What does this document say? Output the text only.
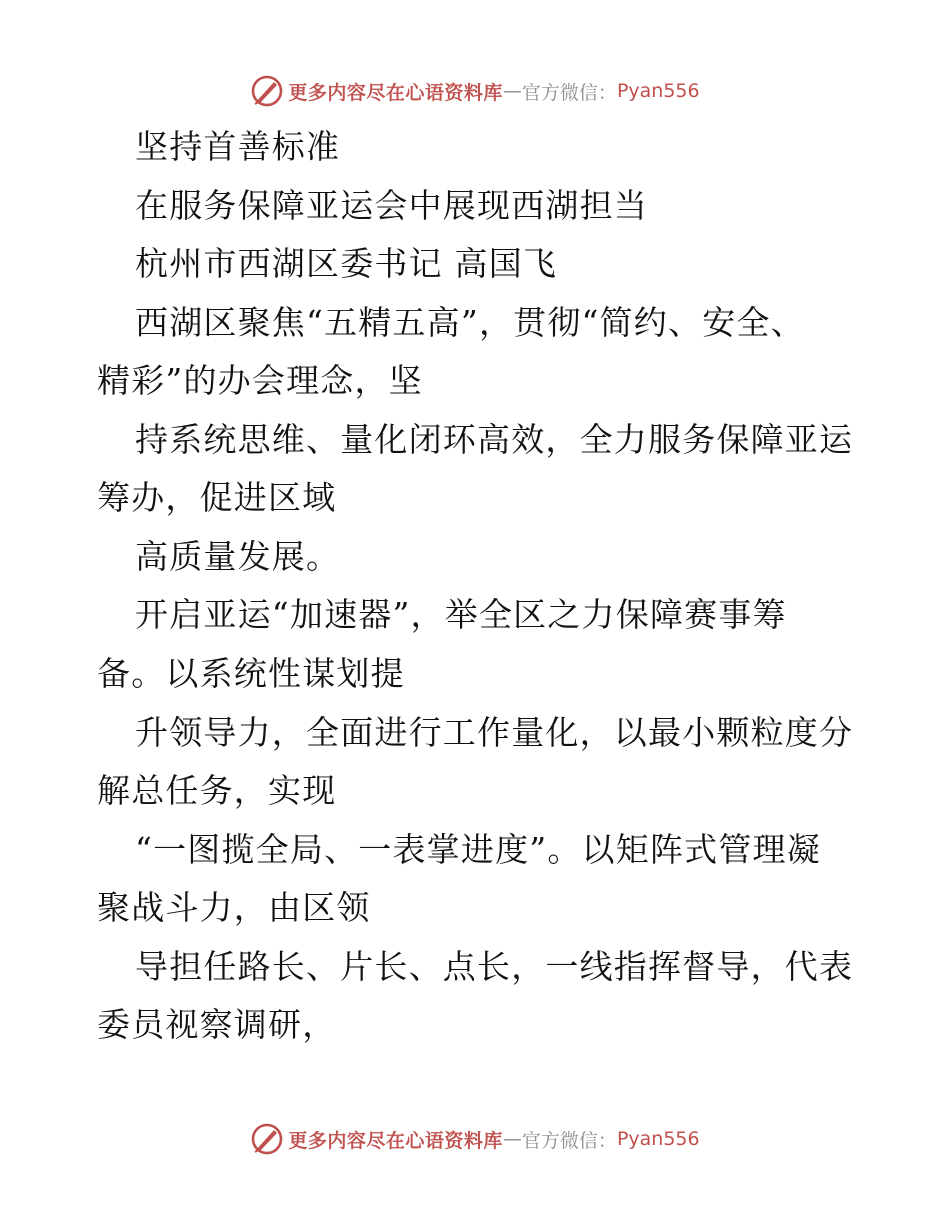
更多内容尽在心语资料库 — 官方微信： Pyan556
坚持首善标准
在服务保障亚运会中展现西湖担当
杭州市西湖区委书记 高国飞
西湖区聚焦“五精五高”，贯彻“简约、安全、
精彩”的办会理念，坚
持系统思维、量化闭环高效，全力服务保障亚运
筹办，促进区域
高质量发展。
开启亚运“加速器”，举全区之力保障赛事筹
备。以系统性谋划提
升领导力，全面进行工作量化，以最小颗粒度分
解总任务，实现
“一图揽全局、一表掌进度”。以矩阵式管理凝
聚战斗力，由区领
导担任路长、片长、点长，一线指挥督导，代表
委员视察调研，
更多内容尽在心语资料库 — 官方微信： Pyan556
